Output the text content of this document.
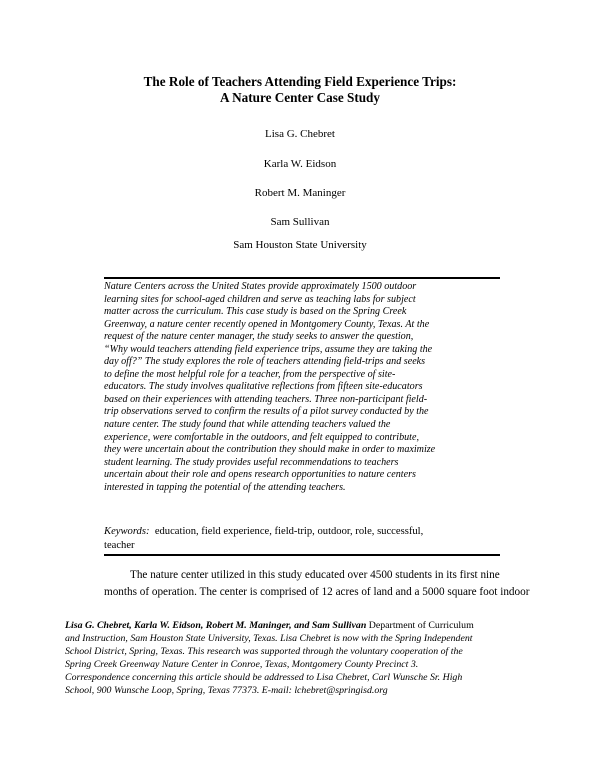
The Role of Teachers Attending Field Experience Trips:
A Nature Center Case Study
Lisa G. Chebret
Karla W. Eidson
Robert M. Maninger
Sam Sullivan
Sam Houston State University
Nature Centers across the United States provide approximately 1500 outdoor
learning sites for school-aged children and serve as teaching labs for subject
matter across the curriculum. This case study is based on the Spring Creek
Greenway, a nature center recently opened in Montgomery County, Texas. At the
request of the nature center manager, the study seeks to answer the question,
“Why would teachers attending field experience trips, assume they are taking the
day off?” The study explores the role of teachers attending field-trips and seeks
to define the most helpful role for a teacher, from the perspective of site-
educators. The study involves qualitative reflections from fifteen site-educators
based on their experiences with attending teachers. Three non-participant field-
trip observations served to confirm the results of a pilot survey conducted by the
nature center. The study found that while attending teachers valued the
experience, were comfortable in the outdoors, and felt equipped to contribute,
they were uncertain about the contribution they should make in order to maximize
student learning. The study provides useful recommendations to teachers
uncertain about their role and opens research opportunities to nature centers
interested in tapping the potential of the attending teachers.
Keywords:  education, field experience, field-trip, outdoor, role, successful,
teacher
The nature center utilized in this study educated over 4500 students in its first nine
months of operation. The center is comprised of 12 acres of land and a 5000 square foot indoor
Lisa G. Chebret, Karla W. Eidson, Robert M. Maninger, and Sam Sullivan Department of Curriculum
and Instruction, Sam Houston State University, Texas. Lisa Chebret is now with the Spring Independent
School District, Spring, Texas. This research was supported through the voluntary cooperation of the
Spring Creek Greenway Nature Center in Conroe, Texas, Montgomery County Precinct 3.
Correspondence concerning this article should be addressed to Lisa Chebret, Carl Wunsche Sr. High
School, 900 Wunsche Loop, Spring, Texas 77373. E-mail: lchebret@springisd.org
